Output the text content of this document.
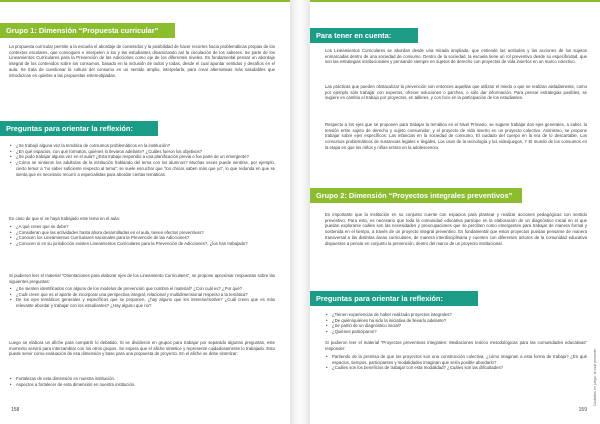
Grupo 1: Dimensión “Propuesta curricular”

La propuesta curricular permite a la escuela el abordaje de contenidos y la posibilidad de hacer recortes hacia problemáticas propias de los contextos escolares, que convoquen e interpelen a los y las estudiantes dinamizando así la circulación de los saberes. Se parte de los Lineamientos Curriculares para la Prevención de las Adicciones como eje de los diferentes niveles. Es fundamental pensar un abordaje integral de los contenidos sobre los consumos, basado en la inclusión de todos y todas, desde el cual apuntar sentidos y desafíos en el aula. Se trata de cuestionar la cultura del consumo en un sentido amplio, interpelarla, para crear alternativas más saludables que introduzcan en quiebre a las propuestas estereotipadas.

Preguntas para orientar la reflexión:
• ¿Se trabajó alguna vez la temática de consumos problemáticos en la institución?
• ¿En qué espacios, con qué formatos, quiénes lo llevaron adelante? ¿Cuáles fueron los objetivos?
• ¿Se pudo trabajar alguna vez en el aula? ¿Esta trabajo respondió a una planificación previa o fue parte de un emergente?
• ¿Cómo se sintieron los adulto/as de la institución hablando del tema con los alumnos? Muchas veces puede sentirse, por ejemplo, cierto temor a “no saber suficiente respecto al tema”; se suele escuchar que “los chicos saben más que yo”, lo que redunda en que se sienta que es necesario recurrir a especialistas para abordar ciertas temáticas.

En caso de que sí se haya trabajado este tema en el aula:

• ¿A qué crees que se debe?
• ¿Consideran que las actividades hasta ahora desarrolladas en el aula, tienen efectos preventivos?
• ¿Conocen los Lineamientos Curriculares nacionales para la Prevención de las Adicciones?
• ¿Conocen si en su jurisdicción existen Lineamientos Curriculares para la Prevención de Adicciones?, ¿los han trabajado?

Si pudieron leer el material “Orientaciones para elaborar ejes de los Lineamiento Curriculares”, se propone aproximar respuestas sobre las siguientes preguntas:

• ¿Se sienten identificados con alguno de los modelos de prevención que nombra el material? ¿Con cuál es? ¿Por qué?
• ¿Cuál creen que es el aporte de incorporar una perspectiva integral, relacional y multidimensional respecto a la temática?
• De los ejes temáticos generales y específicos que se proponen, ¿hay alguno que les interese/motive? ¿Cuál creen que es más relevante abordar y trabajar con los estudiantes? ¿Hay alguno que no?

Luego se elabora un afiche para compartir lo debatido. Si se dividieron en grupos para trabajar por separado algunas preguntas, este momento servirá para intercambiar con los otros grupos. Se espera que el afiche sintetice y represente cuidadosamente lo trabajado. Esto puede servir como evaluación de esa dimensión y base para una propuesta de proyecto. En el afiche se debe sintetizar:

• Fortalezas de esta dimensión en nuestra institución.
• Aspectos a fortalecer de esta dimensión en nuestra institución.
158
Para tener en cuenta:

Los Lineamientos Curriculares se abordan desde una mirada ampliada, que entiende las actitudes y las acciones de los sujetos enmarcadas dentro de una sociedad de consumo. Dentro de la sociedad, la escuela tiene un rol preventivo desde su especificidad, que son las estrategias institucionales y pensando siempre en sujetos de derecho con proyectos de vida insertos en un marco colectivo.

Las prácticas que pueden obstaculizar la prevención son entonces aquellas que utilizan el miedo o que se realizan aisladamente, como por ejemplo sólo trabajar con expertos, ofrecer soluciones o parches, o sólo dar información. Para pensar estrategias posibles, se sugiere en cambio el trabajo por proyectos, en talleres, y con foco en la participación de los estudiantes.

Respecto a los ejes que se proponen para trabajar la temática en el Nivel Primario, se sugiere trabajar dos ejes generales, a saber, la tensión entre sujeto de derecho y sujeto consumidor, y el proyecto de vida inserto en un proyecto colectivo. Asimismo, se propone trabajar sobre ejes específicos: Las infancias en la sociedad de consumo, El cuidado del cuerpo en la era de lo descartable, Los consumos problemáticos de sustancias legales e ilegales, Los usos de la tecnología y los videojuegos, Y El mundo de los consumos en la etapa en que los niños y niñas entran en la adolescencia.

Grupo 2: Dimensión “Proyectos integrales preventivos”

Es importante que la institución en su conjunto cuente con espacios para plantear y realizar acciones pedagógicas con sentido preventivo. Para esto, es necesario que toda la comunidad educativa participe en la elaboración de un diagnóstico inicial en el que puedan explorarse cuáles son las necesidades y preocupaciones que se perciben como emergentes para trabajar de manera formal y sostenida en el tiempo, a través de un proyecto integral preventivo. Es fundamental que estos proyectos puedan pensarse de manera transversal a las distintas áreas curriculares, de manera interdisciplinaria y cuenten con diferentes actores de la comunidad educativa dispuestos a pensar en conjunto la prevención, dentro del marco de un proyecto institucional.

Preguntas para orientar la reflexión:
• ¿Tienen experiencias de haber realizado proyectos integrales?
• ¿De quién/quiénes ha sido la iniciativa de llevarlo adelante?
• ¿Se partió de un diagnóstico inicial?
• ¿Quiénes participaron?

Si pudieron leer el material “Proyectos preventivos integrales: Mediaciones teórico metodológicas para las comunidades educativas” responder:

• Partiendo de la premisa de que los proyectos son una construcción colectiva, ¿cómo imaginan a esta forma de trabajo? ¿En qué espacios, tiempos, participantes y modalidades imaginan que sería posible abordarlo?
• ¿Cuáles son los beneficios de trabajar con esta modalidad? ¿Cuáles son las dificultades?
159
Cuidados en juego, al cual presente.
